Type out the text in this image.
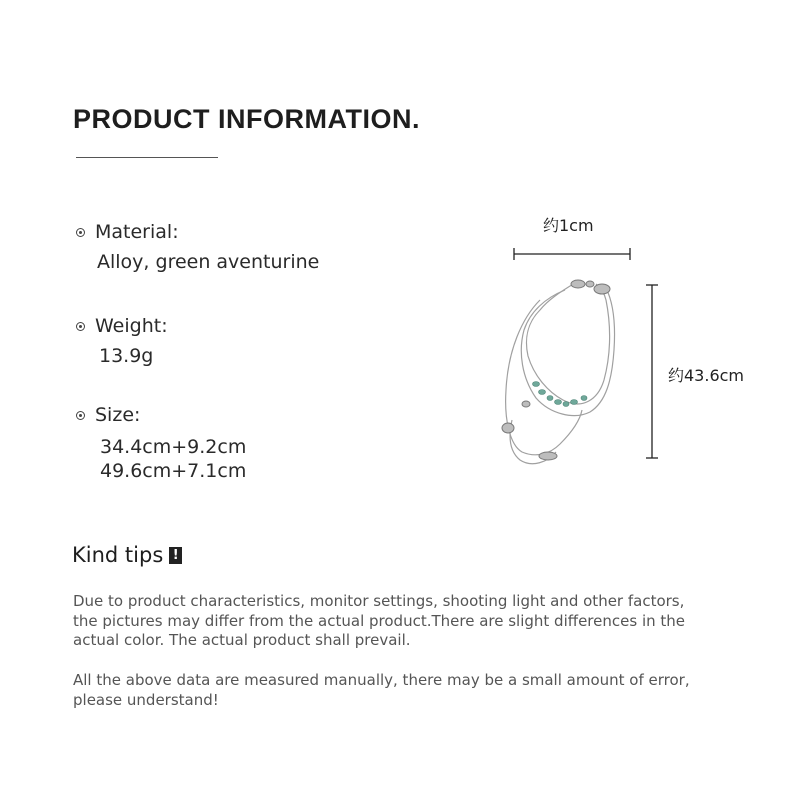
PRODUCT INFORMATION.
Material:
Alloy, green aventurine
Weight:
13.9g
Size:
34.4cm+9.2cm
49.6cm+7.1cm
Kind tips !
Due to product characteristics, monitor settings, shooting light and other factors, the pictures may differ from the actual product.There are slight differences in the actual color. The actual product shall prevail.
All the above data are measured manually, there may be a small amount of error, please understand!
约1cm
约43.6cm
